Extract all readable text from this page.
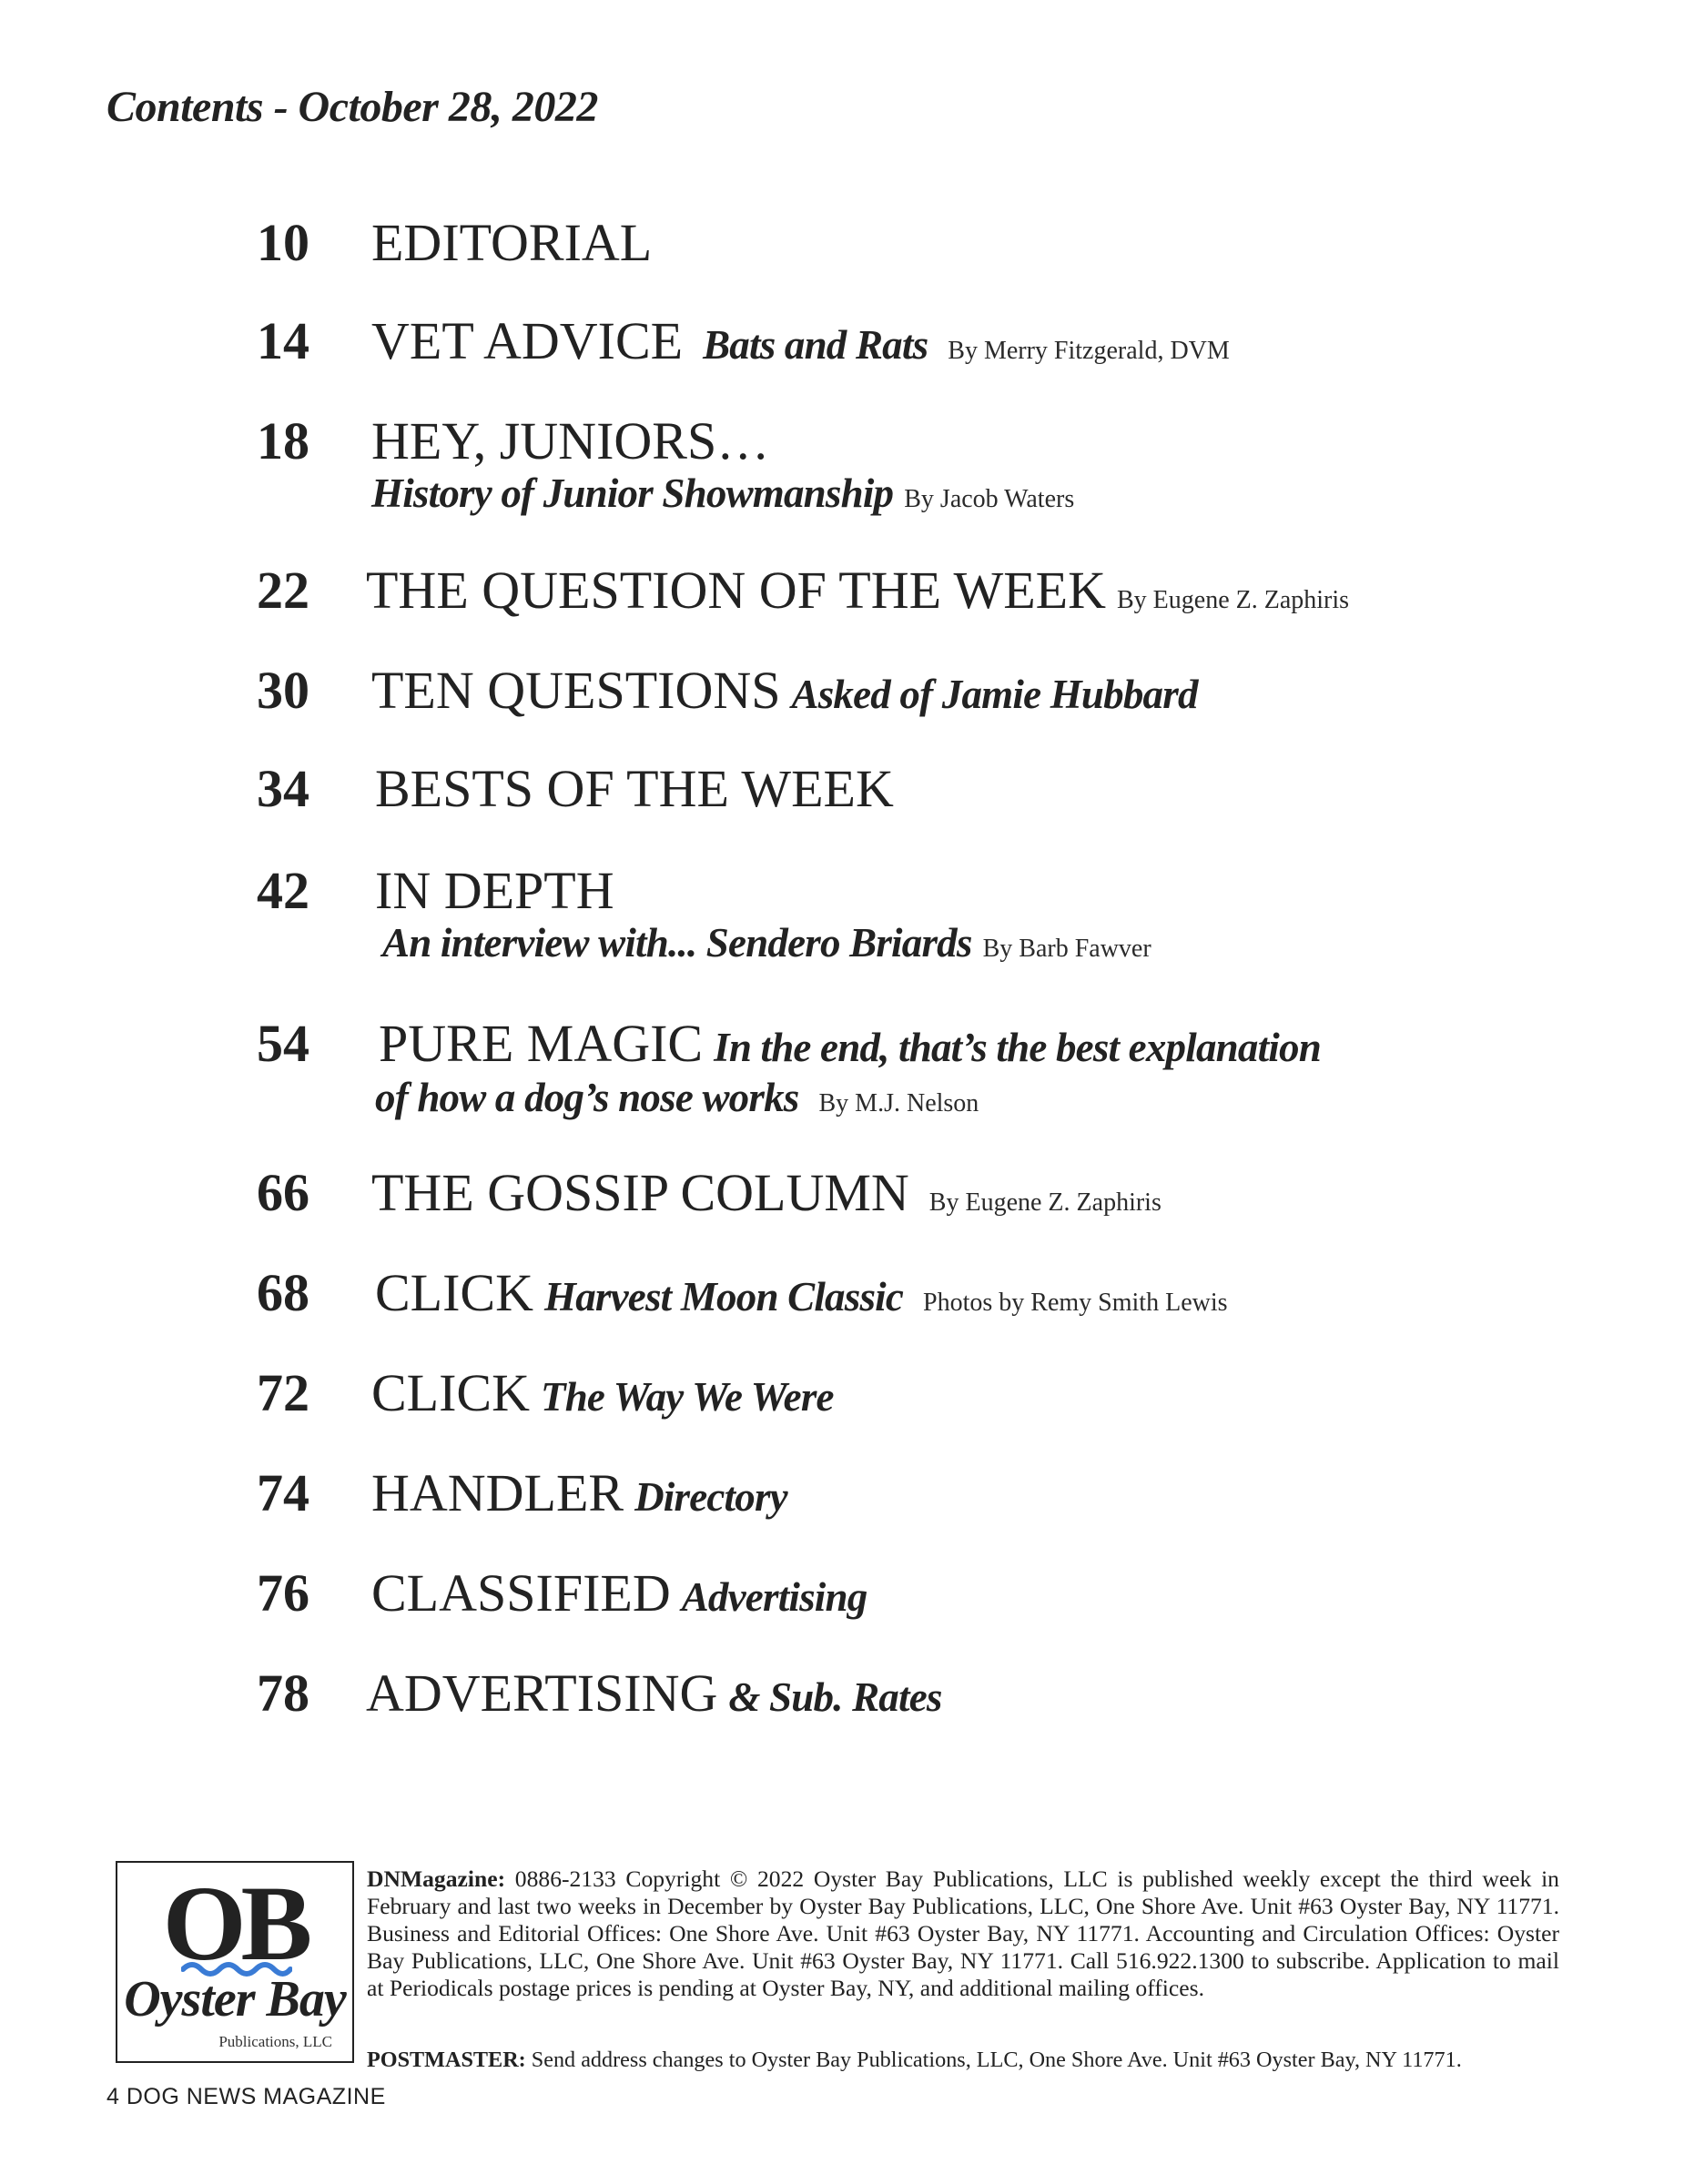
Contents - October 28, 2022
10 EDITORIAL
14 VET ADVICE Bats and Rats By Merry Fitzgerald, DVM
18 HEY, JUNIORS…
History of Junior Showmanship By Jacob Waters
22 THE QUESTION OF THE WEEK By Eugene Z. Zaphiris
30 TEN QUESTIONS Asked of Jamie Hubbard
34 BESTS OF THE WEEK
42 IN DEPTH
An interview with... Sendero Briards By Barb Fawver
54 PURE MAGIC In the end, that’s the best explanation
of how a dog’s nose works By M.J. Nelson
66 THE GOSSIP COLUMN By Eugene Z. Zaphiris
68 CLICK Harvest Moon Classic Photos by Remy Smith Lewis
72 CLICK The Way We Were
74 HANDLER Directory
76 CLASSIFIED Advertising
78 ADVERTISING & Sub. Rates
OB
Oyster Bay
Publications, LLC
DNMagazine: 0886-2133 Copyright © 2022 Oyster Bay Publications, LLC is published weekly except the third week in February and last two weeks in December by Oyster Bay Publications, LLC, One Shore Ave. Unit #63 Oyster Bay, NY 11771. Business and Editorial Offices: One Shore Ave. Unit #63 Oyster Bay, NY 11771. Accounting and Circulation Offices: Oyster Bay Publications, LLC, One Shore Ave. Unit #63 Oyster Bay, NY 11771. Call 516.922.1300 to subscribe. Application to mail at Periodicals postage prices is pending at Oyster Bay, NY, and additional mailing offices.
POSTMASTER: Send address changes to Oyster Bay Publications, LLC, One Shore Ave. Unit #63 Oyster Bay, NY 11771.
4 DOG NEWS MAGAZINE
